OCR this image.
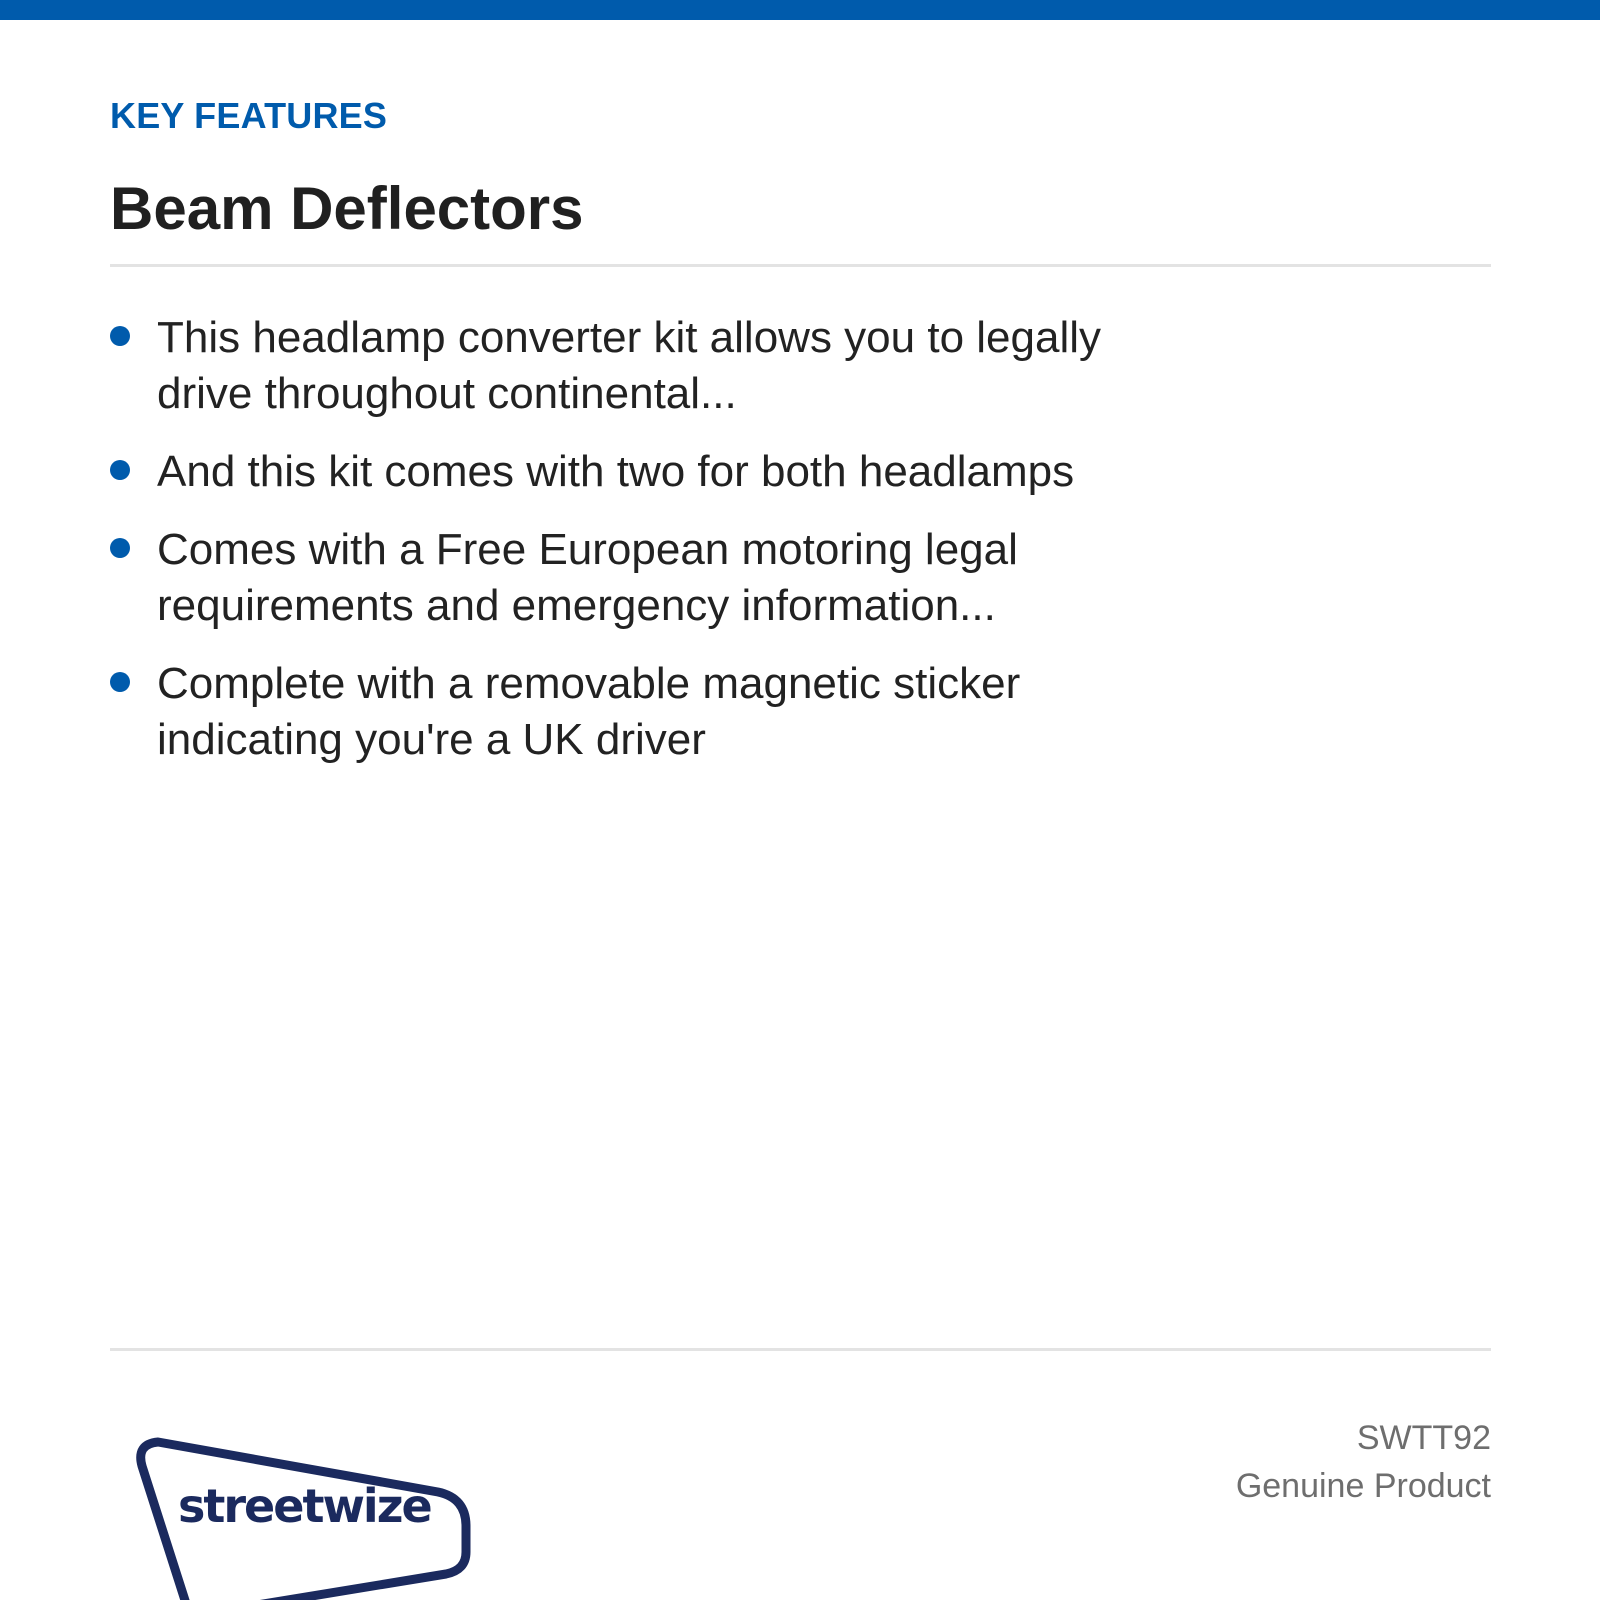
KEY FEATURES
Beam Deflectors
This headlamp converter kit allows you to legally drive throughout continental...
And this kit comes with two for both headlamps
Comes with a Free European motoring legal requirements and emergency information...
Complete with a removable magnetic sticker indicating you're a UK driver
streetwize
SWTT92
Genuine Product
